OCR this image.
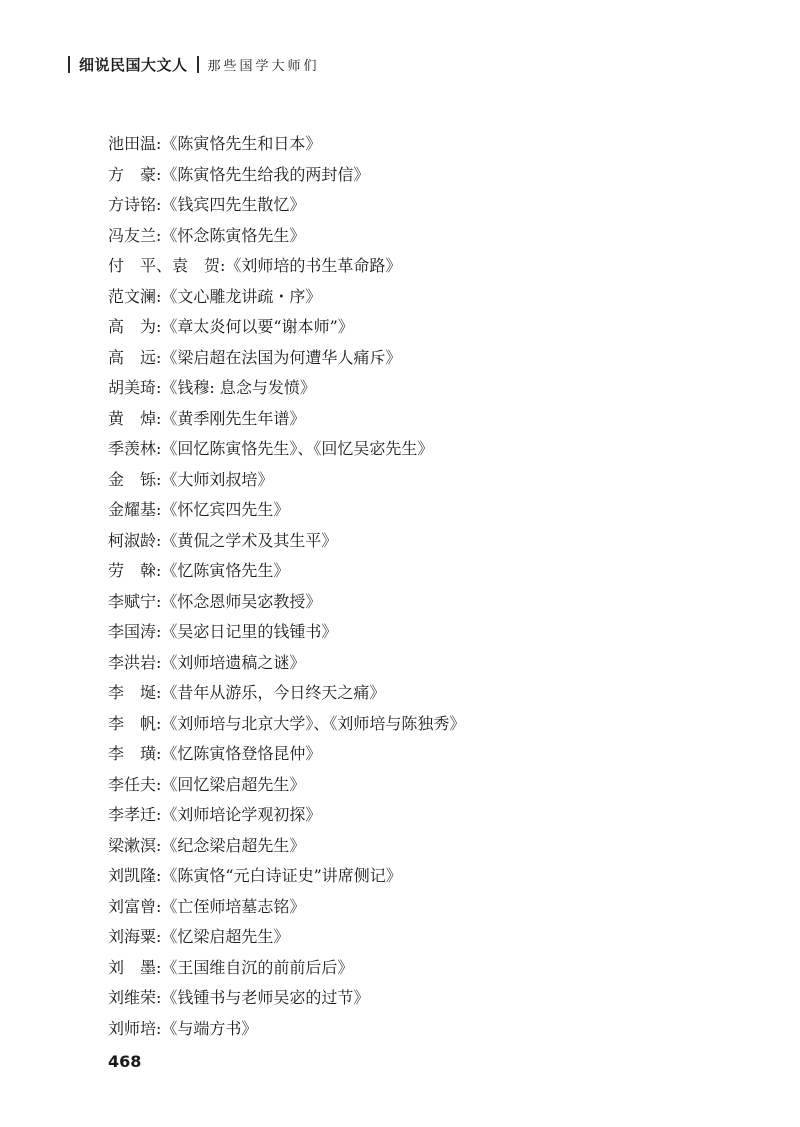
细说民国大文人 那些国学大师们
池田温 : 《陈寅恪先生和日本》
方　豪 : 《陈寅恪先生给我的两封信》
方诗铭 : 《钱宾四先生散忆》
冯友兰 : 《怀念陈寅恪先生》
付　平、袁　贺 : 《刘师培的书生革命路》
范文澜 : 《文心雕龙讲疏・序》
高　为 : 《章太炎何以要“谢本师”》
高　远 : 《梁启超在法国为何遭华人痛斥》
胡美琦 : 《钱穆: 息念与发愤》
黄　焯 : 《黄季刚先生年谱》
季羡林 : 《回忆陈寅恪先生》、《回忆吴宓先生》
金　铄 : 《大师刘叔培》
金耀基 : 《怀忆宾四先生》
柯淑龄 : 《黄侃之学术及其生平》
劳　榦 : 《忆陈寅恪先生》
李赋宁 : 《怀念恩师吴宓教授》
李国涛 : 《吴宓日记里的钱锺书》
李洪岩 : 《刘师培遗稿之谜》
李　埏 : 《昔年从游乐，今日终天之痛》
李　帆 : 《刘师培与北京大学》、《刘师培与陈独秀》
李　璜 : 《忆陈寅恪登恪昆仲》
李任夫 : 《回忆梁启超先生》
李孝迁 : 《刘师培论学观初探》
梁漱溟 : 《纪念梁启超先生》
刘凯隆 : 《陈寅恪“元白诗证史”讲席侧记》
刘富曾 : 《亡侄师培墓志铭》
刘海粟 : 《忆梁启超先生》
刘　墨 : 《王国维自沉的前前后后》
刘维荣 : 《钱锺书与老师吴宓的过节》
刘师培 : 《与端方书》
468
